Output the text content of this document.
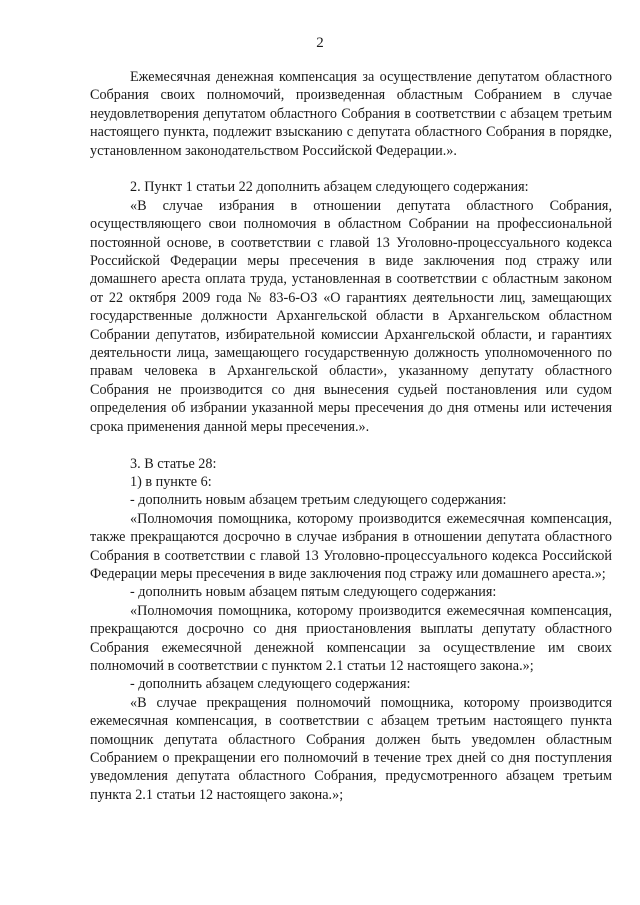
2

Ежемесячная денежная компенсация за осуществление депутатом областного Собрания своих полномочий, произведенная областным Собранием в случае неудовлетворения депутатом областного Собрания в соответствии с абзацем третьим настоящего пункта, подлежит взысканию с депутата областного Собрания в порядке, установленном законодательством Российской Федерации.».

2. Пункт 1 статьи 22 дополнить абзацем следующего содержания:

«В случае избрания в отношении депутата областного Собрания, осуществляющего свои полномочия в областном Собрании на профессиональной постоянной основе, в соответствии с главой 13 Уголовно-процессуального кодекса Российской Федерации меры пресечения в виде заключения под стражу или домашнего ареста оплата труда, установленная в соответствии с областным законом от 22 октября 2009 года № 83-6-ОЗ «О гарантиях деятельности лиц, замещающих государственные должности Архангельской области в Архангельском областном Собрании депутатов, избирательной комиссии Архангельской области, и гарантиях деятельности лица, замещающего государственную должность уполномоченного по правам человека в Архангельской области», указанному депутату областного Собрания не производится со дня вынесения судьей постановления или судом определения об избрании указанной меры пресечения до дня отмены или истечения срока применения данной меры пресечения.».

3. В статье 28:

1) в пункте 6:

- дополнить новым абзацем третьим следующего содержания:

«Полномочия помощника, которому производится ежемесячная компенсация, также прекращаются досрочно в случае избрания в отношении депутата областного Собрания в соответствии с главой 13 Уголовно-процессуального кодекса Российской Федерации меры пресечения в виде заключения под стражу или домашнего ареста.»;

- дополнить новым абзацем пятым следующего содержания:

«Полномочия помощника, которому производится ежемесячная компенсация, прекращаются досрочно со дня приостановления выплаты депутату областного Собрания ежемесячной денежной компенсации за осуществление им своих полномочий в соответствии с пунктом 2.1 статьи 12 настоящего закона.»;

- дополнить абзацем следующего содержания:

«В случае прекращения полномочий помощника, которому производится ежемесячная компенсация, в соответствии с абзацем третьим настоящего пункта помощник депутата областного Собрания должен быть уведомлен областным Собранием о прекращении его полномочий в течение трех дней со дня поступления уведомления депутата областного Собрания, предусмотренного абзацем третьим пункта 2.1 статьи 12 настоящего закона.»;
